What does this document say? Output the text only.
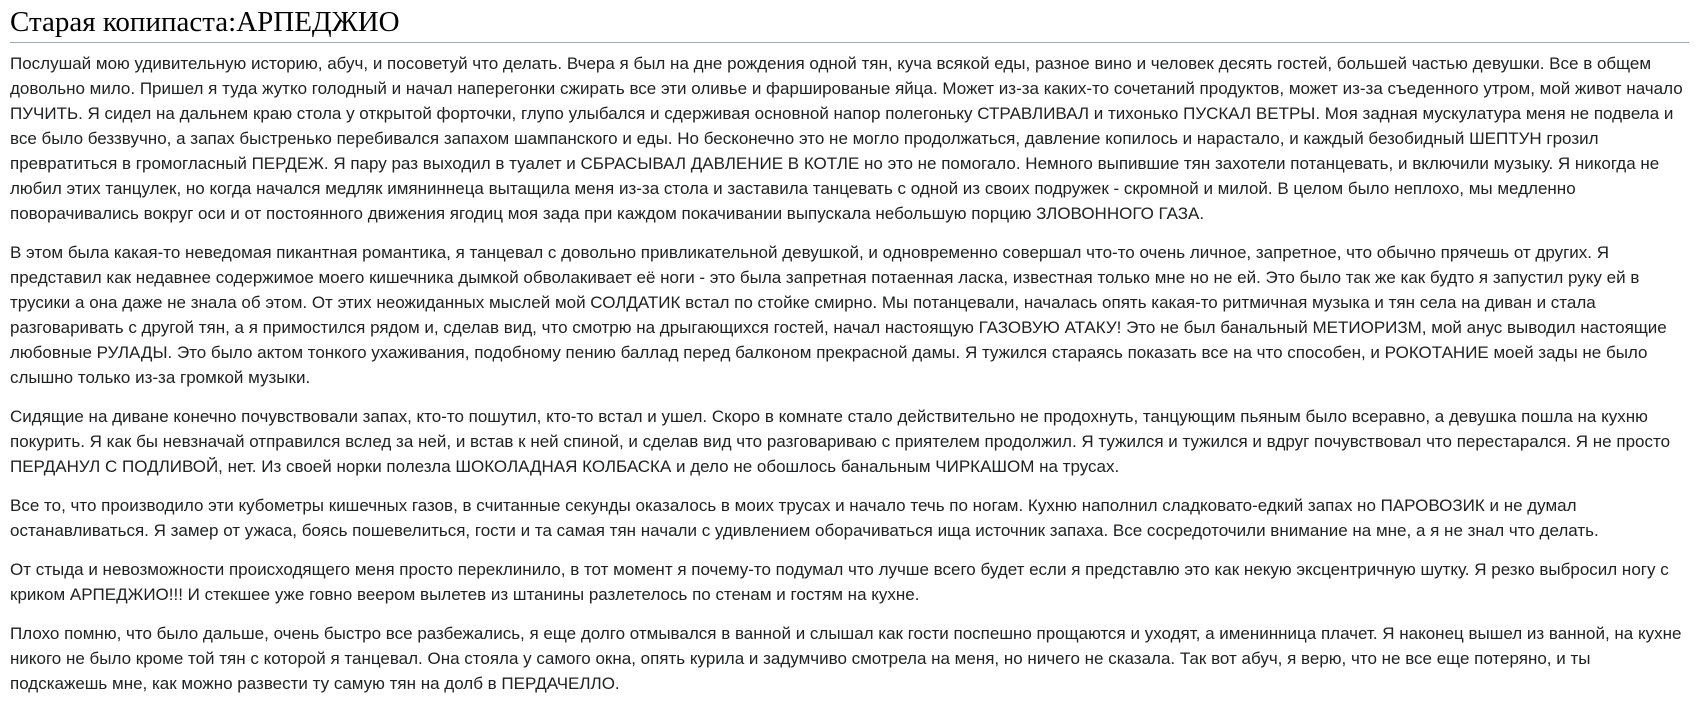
Старая копипаста:АРПЕДЖИО

Послушай мою удивительную историю, абуч, и посоветуй что делать. Вчера я был на дне рождения одной тян, куча всякой еды, разное вино и человек десять гостей, большей частью девушки. Все в общем довольно мило. Пришел я туда жутко голодный и начал наперегонки сжирать все эти оливье и фаршированые яйца. Может из-за каких-то сочетаний продуктов, может из-за съеденного утром, мой живот начало ПУЧИТЬ. Я сидел на дальнем краю стола у открытой форточки, глупо улыбался и сдерживая основной напор полегоньку СТРАВЛИВАЛ и тихонько ПУСКАЛ ВЕТРЫ. Моя задная мускулатура меня не подвела и все было беззвучно, а запах быстренько перебивался запахом шампанского и еды. Но бесконечно это не могло продолжаться, давление копилось и нарастало, и каждый безобидный ШЕПТУН грозил превратиться в громогласный ПЕРДЕЖ. Я пару раз выходил в туалет и СБРАСЫВАЛ ДАВЛЕНИЕ В КОТЛЕ но это не помогало. Немного выпившие тян захотели потанцевать, и включили музыку. Я никогда не любил этих танцулек, но когда начался медляк имяниннеца вытащила меня из-за стола и заставила танцевать с одной из своих подружек - скромной и милой. В целом было неплохо, мы медленно поворачивались вокруг оси и от постоянного движения ягодиц моя зада при каждом покачивании выпускала небольшую порцию ЗЛОВОННОГО ГАЗА.

В этом была какая-то неведомая пикантная романтика, я танцевал с довольно привликательной девушкой, и одновременно совершал что-то очень личное, запретное, что обычно прячешь от других. Я представил как недавнее содержимое моего кишечника дымкой обволакивает её ноги - это была запретная потаенная ласка, известная только мне но не ей. Это было так же как будто я запустил руку ей в трусики а она даже не знала об этом. От этих неожиданных мыслей мой СОЛДАТИК встал по стойке смирно. Мы потанцевали, началась опять какая-то ритмичная музыка и тян села на диван и стала разговаривать с другой тян, а я примостился рядом и, сделав вид, что смотрю на дрыгающихся гостей, начал настоящую ГАЗОВУЮ АТАКУ! Это не был банальный МЕТИОРИЗМ, мой анус выводил настоящие любовные РУЛАДЫ. Это было актом тонкого ухаживания, подобному пению баллад перед балконом прекрасной дамы. Я тужился стараясь показать все на что способен, и РОКОТАНИЕ моей зады не было слышно только из-за громкой музыки.

Сидящие на диване конечно почувствовали запах, кто-то пошутил, кто-то встал и ушел. Скоро в комнате стало действительно не продохнуть, танцующим пьяным было всеравно, а девушка пошла на кухню покурить. Я как бы невзначай отправился вслед за ней, и встав к ней спиной, и сделав вид что разговариваю с приятелем продолжил. Я тужился и тужился и вдруг почувствовал что перестарался. Я не просто ПЕРДАНУЛ С ПОДЛИВОЙ, нет. Из своей норки полезла ШОКОЛАДНАЯ КОЛБАСКА и дело не обошлось банальным ЧИРКАШОМ на трусах.

Все то, что производило эти кубометры кишечных газов, в считанные секунды оказалось в моих трусах и начало течь по ногам. Кухню наполнил сладковато-едкий запах но ПАРОВОЗИК и не думал останавливаться. Я замер от ужаса, боясь пошевелиться, гости и та самая тян начали с удивлением оборачиваться ища источник запаха. Все сосредоточили внимание на мне, а я не знал что делать.

От стыда и невозможности происходящего меня просто переклинило, в тот момент я почему-то подумал что лучше всего будет если я представлю это как некую эксцентричную шутку. Я резко выбросил ногу с криком АРПЕДЖИО!!! И стекшее уже говно веером вылетев из штанины разлетелось по стенам и гостям на кухне.

Плохо помню, что было дальше, очень быстро все разбежались, я еще долго отмывался в ванной и слышал как гости поспешно прощаются и уходят, а именинница плачет. Я наконец вышел из ванной, на кухне никого не было кроме той тян с которой я танцевал. Она стояла у самого окна, опять курила и задумчиво смотрела на меня, но ничего не сказала. Так вот абуч, я верю, что не все еще потеряно, и ты подскажешь мне, как можно развести ту самую тян на долб в ПЕРДАЧЕЛЛО.
